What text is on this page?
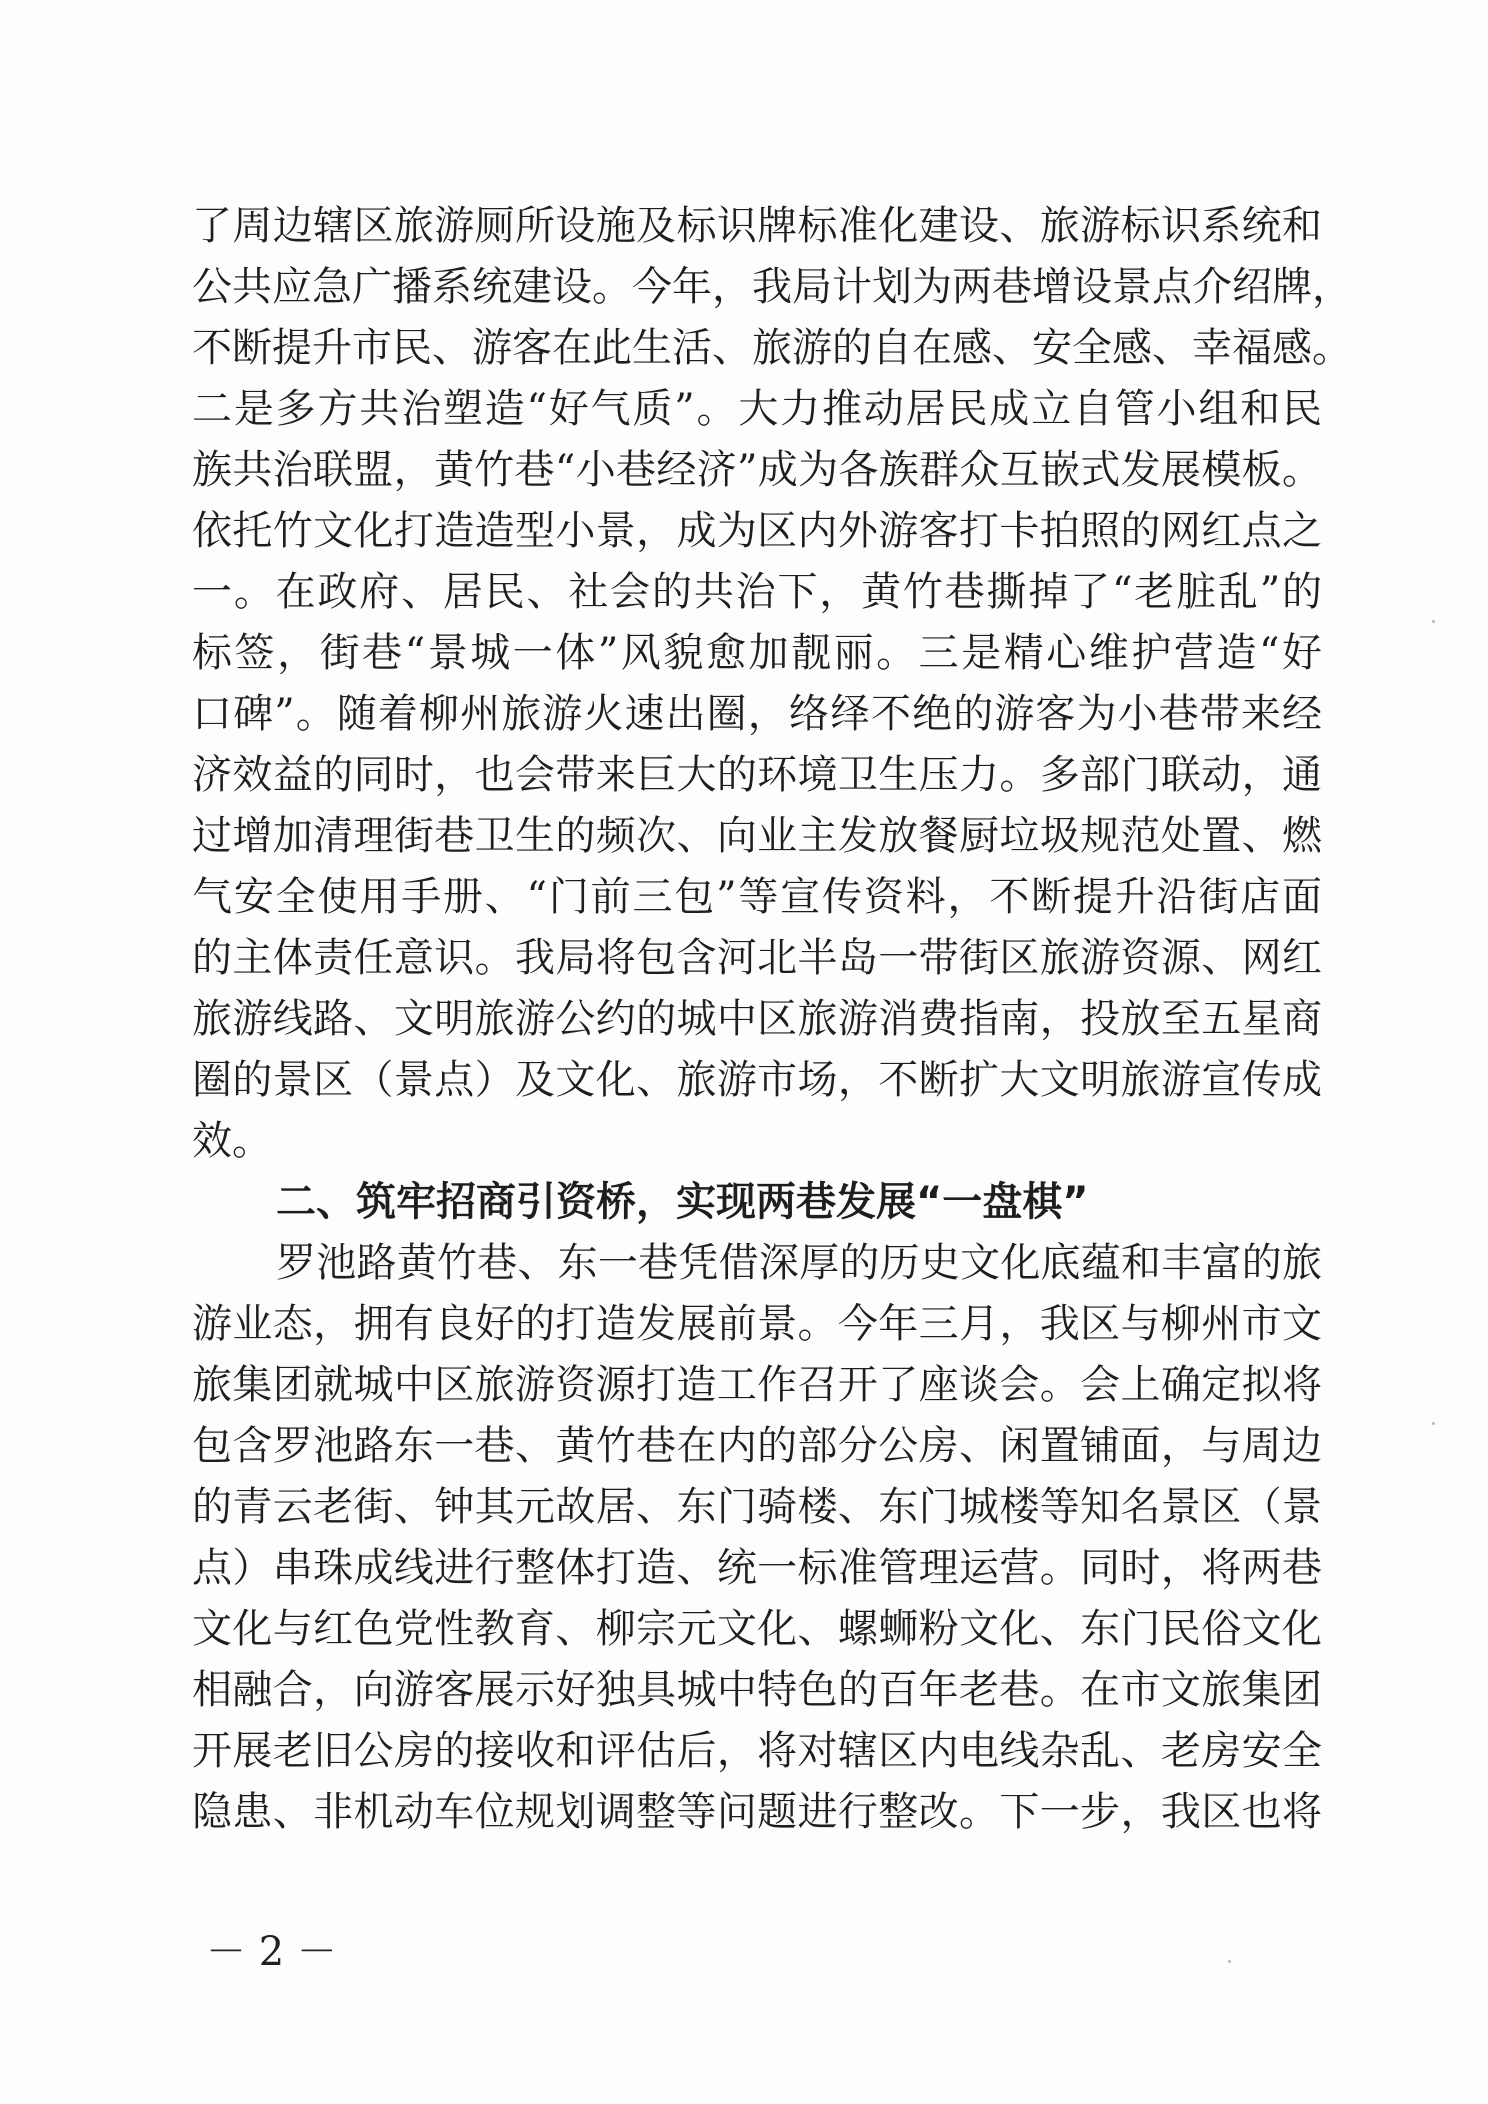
了周边辖区旅游厕所设施及标识牌标准化建设、旅游标识系统和
公共应急广播系统建设。今年，我局计划为两巷增设景点介绍牌，
不断提升市民、游客在此生活、旅游的自在感、安全感、幸福感。
二是多方共治塑造“好气质”。大力推动居民成立自管小组和民
族共治联盟，黄竹巷“小巷经济”成为各族群众互嵌式发展模板。
依托竹文化打造造型小景，成为区内外游客打卡拍照的网红点之
一。在政府、居民、社会的共治下，黄竹巷撕掉了“老脏乱”的
标签，街巷“景城一体”风貌愈加靓丽。三是精心维护营造“好
口碑”。随着柳州旅游火速出圈，络绎不绝的游客为小巷带来经
济效益的同时，也会带来巨大的环境卫生压力。多部门联动，通
过增加清理街巷卫生的频次、向业主发放餐厨垃圾规范处置、燃
气安全使用手册、“门前三包”等宣传资料，不断提升沿街店面
的主体责任意识。我局将包含河北半岛一带街区旅游资源、网红
旅游线路、文明旅游公约的城中区旅游消费指南，投放至五星商
圈的景区（景点）及文化、旅游市场，不断扩大文明旅游宣传成
效。
二、筑牢招商引资桥，实现两巷发展“一盘棋”
罗池路黄竹巷、东一巷凭借深厚的历史文化底蕴和丰富的旅
游业态，拥有良好的打造发展前景。今年三月，我区与柳州市文
旅集团就城中区旅游资源打造工作召开了座谈会。会上确定拟将
包含罗池路东一巷、黄竹巷在内的部分公房、闲置铺面，与周边
的青云老街、钟其元故居、东门骑楼、东门城楼等知名景区（景
点）串珠成线进行整体打造、统一标准管理运营。同时，将两巷
文化与红色党性教育、柳宗元文化、螺蛳粉文化、东门民俗文化
相融合，向游客展示好独具城中特色的百年老巷。在市文旅集团
开展老旧公房的接收和评估后，将对辖区内电线杂乱、老房安全
隐患、非机动车位规划调整等问题进行整改。下一步，我区也将
－ 2 －
